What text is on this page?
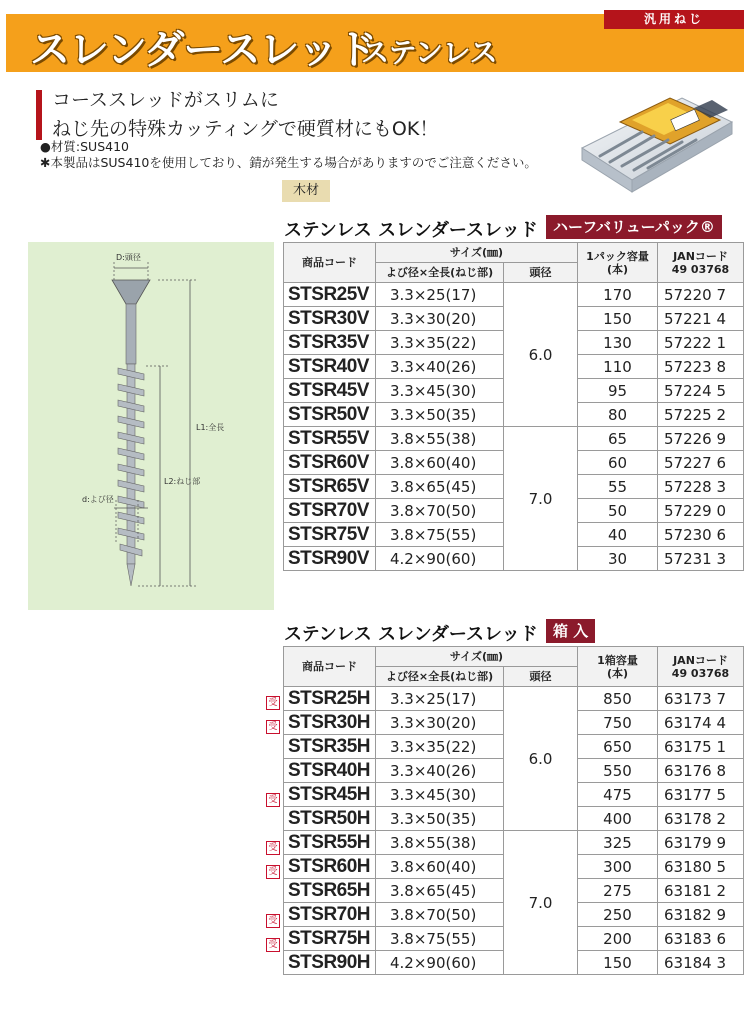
スレンダースレッド
ステンレス
汎用ねじ
コーススレッドがスリムに
ねじ先の特殊カッティングで硬質材にもOK！
●材質:SUS410
✱本製品はSUS410を使用しており、錆が発生する場合がありますのでご注意ください。
木材
D:頭径
L1:全長
L2:ねじ部
d:よび径
ステンレス スレンダースレッド	ハーフバリューパック®
商品コード	サイズ(㎜)		1パック容量
(本)	JANコード
49 03768
	よび径×全長(ねじ部)	頭径		
STSR25V	3.3×25(17)	6.0	170	57220 7
STSR30V	3.3×30(20)		150	57221 4
STSR35V	3.3×35(22)		130	57222 1
STSR40V	3.3×40(26)		110	57223 8
STSR45V	3.3×45(30)		95	57224 5
STSR50V	3.3×50(35)		80	57225 2
STSR55V	3.8×55(38)	7.0	65	57226 9
STSR60V	3.8×60(40)		60	57227 6
STSR65V	3.8×65(45)		55	57228 3
STSR70V	3.8×70(50)		50	57229 0
STSR75V	3.8×75(55)		40	57230 6
STSR90V	4.2×90(60)		30	57231 3
ステンレス スレンダースレッド	箱 入
商品コード	サイズ(㎜)		1箱容量
(本)	JANコード
49 03768
	よび径×全長(ねじ部)	頭径		
STSR25H	3.3×25(17)	6.0	850	63173 7
STSR30H	3.3×30(20)		750	63174 4
STSR35H	3.3×35(22)		650	63175 1
STSR40H	3.3×40(26)		550	63176 8
STSR45H	3.3×45(30)		475	63177 5
STSR50H	3.3×50(35)		400	63178 2
STSR55H	3.8×55(38)	7.0	325	63179 9
STSR60H	3.8×60(40)		300	63180 5
STSR65H	3.8×65(45)		275	63181 2
STSR70H	3.8×70(50)		250	63182 9
STSR75H	3.8×75(55)		200	63183 6
STSR90H	4.2×90(60)		150	63184 3
受
受
受
受
受
受
受
